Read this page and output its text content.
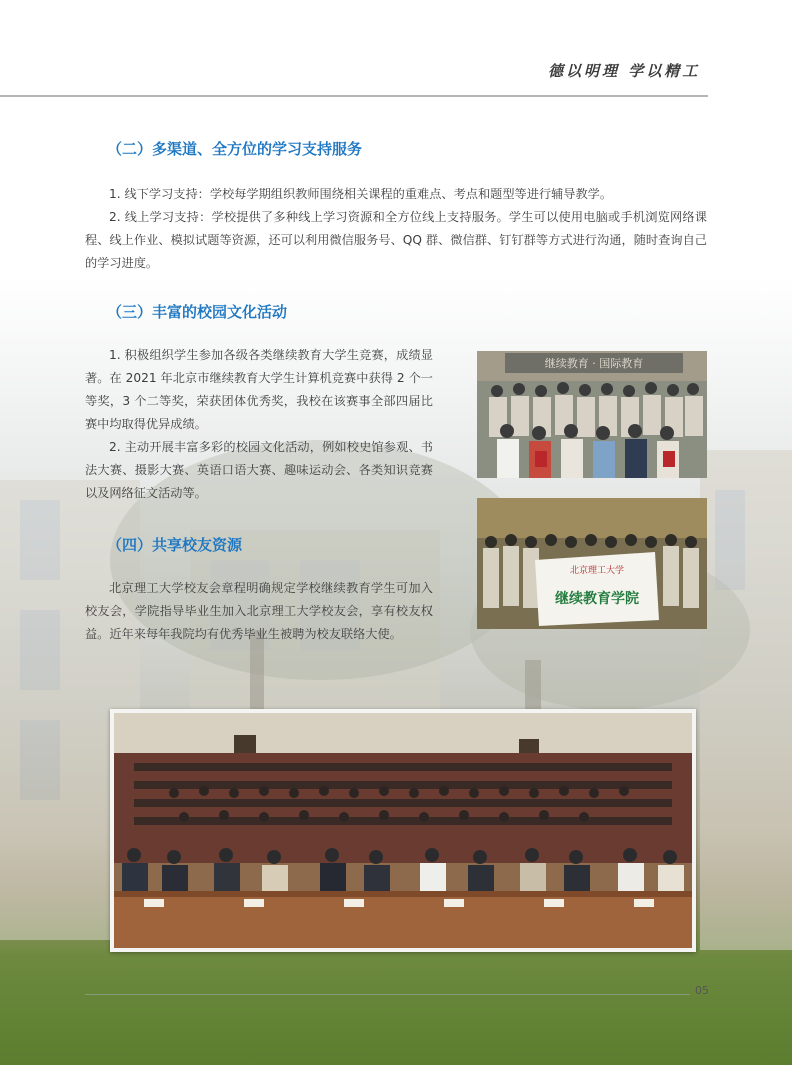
德以明理 学以精工
（二）多渠道、全方位的学习支持服务

1. 线下学习支持：学校每学期组织教师围绕相关课程的重难点、考点和题型等进行辅导教学。

2. 线上学习支持：学校提供了多种线上学习资源和全方位线上支持服务。学生可以使用电脑或手机浏览网络课程、线上作业、模拟试题等资源，还可以利用微信服务号、QQ 群、微信群、钉钉群等方式进行沟通，随时查询自己的学习进度。

（三）丰富的校园文化活动

1. 积极组织学生参加各级各类继续教育大学生竞赛，成绩显著。在 2021 年北京市继续教育大学生计算机竞赛中获得 2 个一等奖，3 个二等奖，荣获团体优秀奖，我校在该赛事全部四届比赛中均取得优异成绩。

2. 主动开展丰富多彩的校园文化活动，例如校史馆参观、书法大赛、摄影大赛、英语口语大赛、趣味运动会、各类知识竞赛以及网络征文活动等。

（四）共享校友资源

北京理工大学校友会章程明确规定学校继续教育学生可加入校友会，学院指导毕业生加入北京理工大学校友会，享有校友权益。近年来每年我院均有优秀毕业生被聘为校友联络大使。

继续教育 · 国际教育
北京理工大学
继续教育学院
05
